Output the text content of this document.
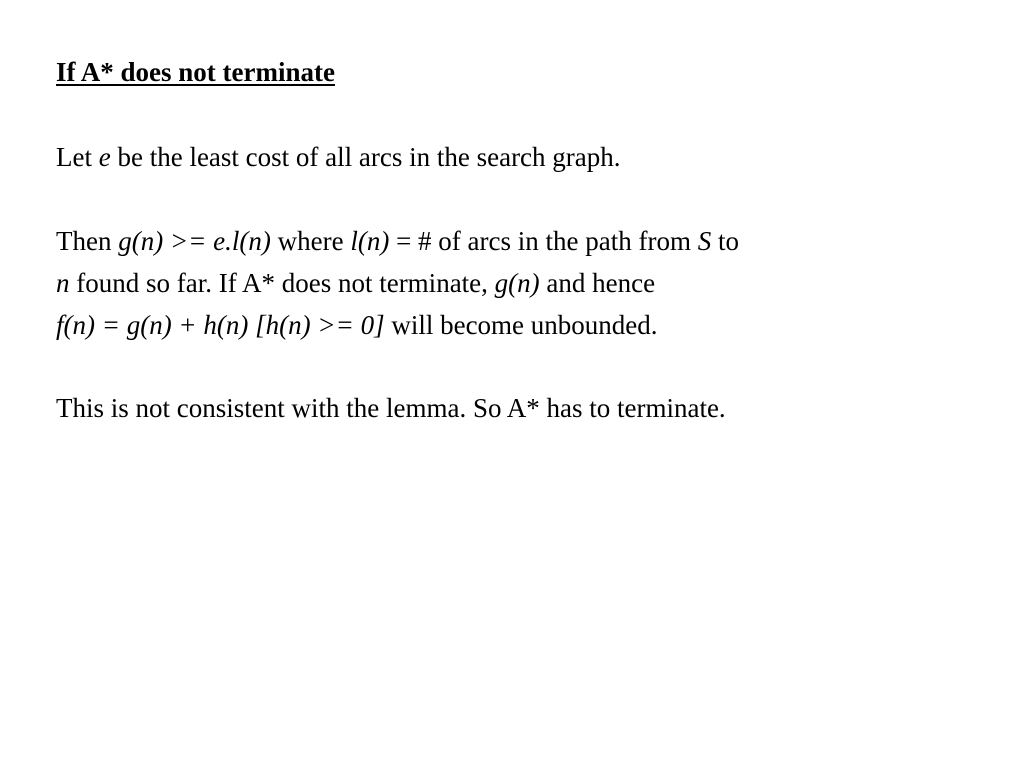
If A* does not terminate

Let e be the least cost of all arcs in the search graph.

Then g(n) >= e.l(n) where l(n) = # of arcs in the path from S to
n found so far. If A* does not terminate, g(n) and hence
f(n) = g(n) + h(n) [h(n) >= 0] will become unbounded.

This is not consistent with the lemma. So A* has to terminate.
